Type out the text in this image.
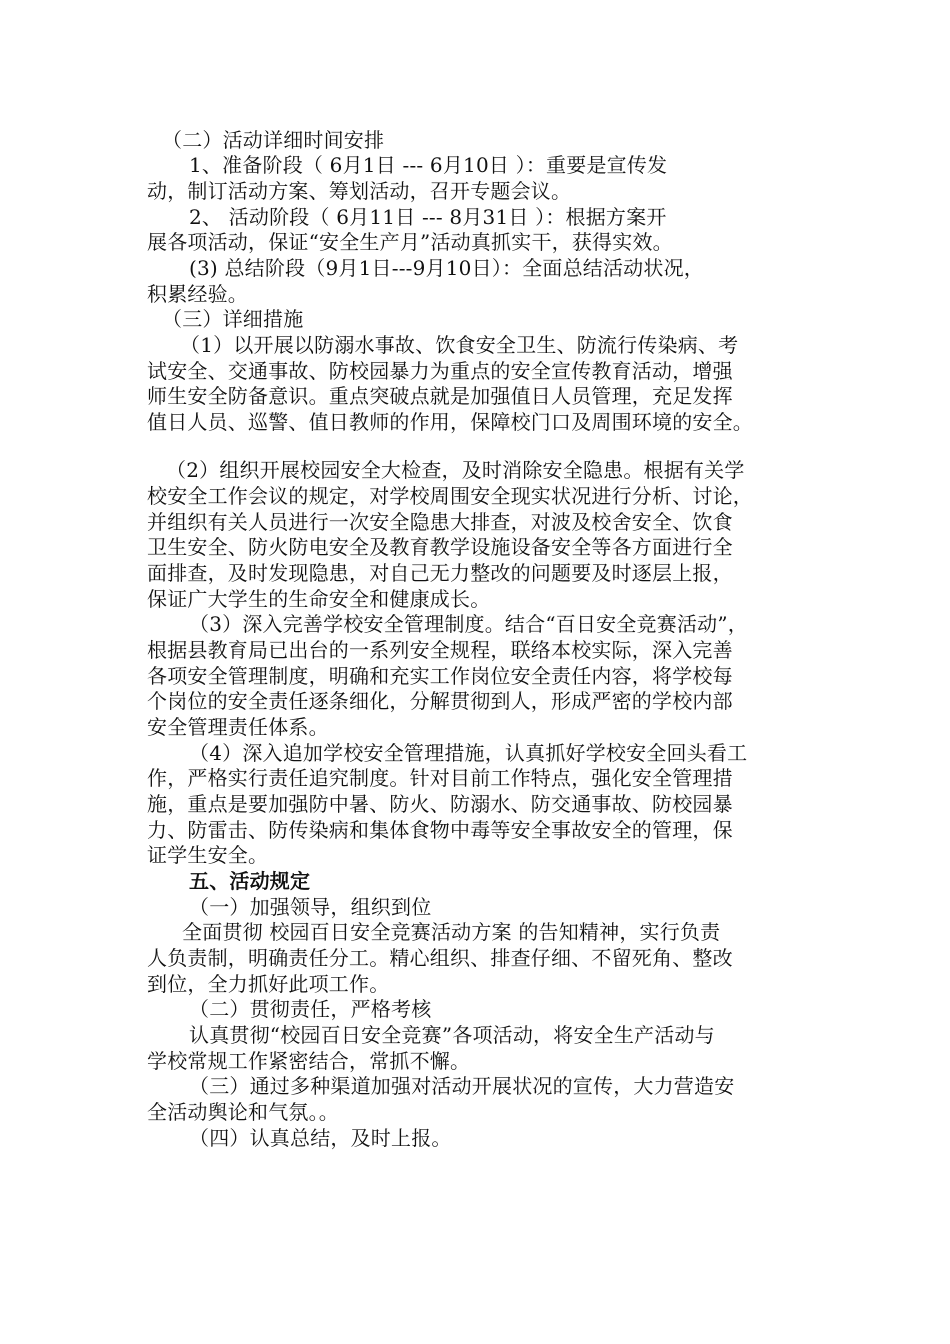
（二）活动详细时间安排
1、准备阶段（ 6月1日 --- 6月10日 ）：重要是宣传发
动，制订活动方案、筹划活动，召开专题会议。
2、 活动阶段（ 6月11日 --- 8月31日 ）：根据方案开
展各项活动，保证“安全生产月”活动真抓实干，获得实效。
(3) 总结阶段（9月1日---9月10日）：全面总结活动状况，
积累经验。
（三）详细措施
（1）以开展以防溺水事故、饮食安全卫生、防流行传染病、考
试安全、交通事故、防校园暴力为重点的安全宣传教育活动，增强
师生安全防备意识。重点突破点就是加强值日人员管理，充足发挥
值日人员、巡警、值日教师的作用，保障校门口及周围环境的安全。
（2）组织开展校园安全大检查，及时消除安全隐患。根据有关学
校安全工作会议的规定，对学校周围安全现实状况进行分析、讨论，
并组织有关人员进行一次安全隐患大排查，对波及校舍安全、饮食
卫生安全、防火防电安全及教育教学设施设备安全等各方面进行全
面排查，及时发现隐患，对自己无力整改的问题要及时逐层上报，
保证广大学生的生命安全和健康成长。
（3）深入完善学校安全管理制度。结合“百日安全竞赛活动”，
根据县教育局已出台的一系列安全规程，联络本校实际，深入完善
各项安全管理制度，明确和充实工作岗位安全责任内容，将学校每
个岗位的安全责任逐条细化，分解贯彻到人，形成严密的学校内部
安全管理责任体系。
（4）深入追加学校安全管理措施，认真抓好学校安全回头看工
作，严格实行责任追究制度。针对目前工作特点，强化安全管理措
施，重点是要加强防中暑、防火、防溺水、防交通事故、防校园暴
力、防雷击、防传染病和集体食物中毒等安全事故安全的管理，保
证学生安全。
五、活动规定
（一）加强领导，组织到位
全面贯彻 校园百日安全竞赛活动方案 的告知精神，实行负责
人负责制，明确责任分工。精心组织、排查仔细、不留死角、整改
到位，全力抓好此项工作。
（二）贯彻责任，严格考核
认真贯彻“校园百日安全竞赛”各项活动，将安全生产活动与
学校常规工作紧密结合，常抓不懈。
（三）通过多种渠道加强对活动开展状况的宣传，大力营造安
全活动舆论和气氛。。
（四）认真总结，及时上报。
